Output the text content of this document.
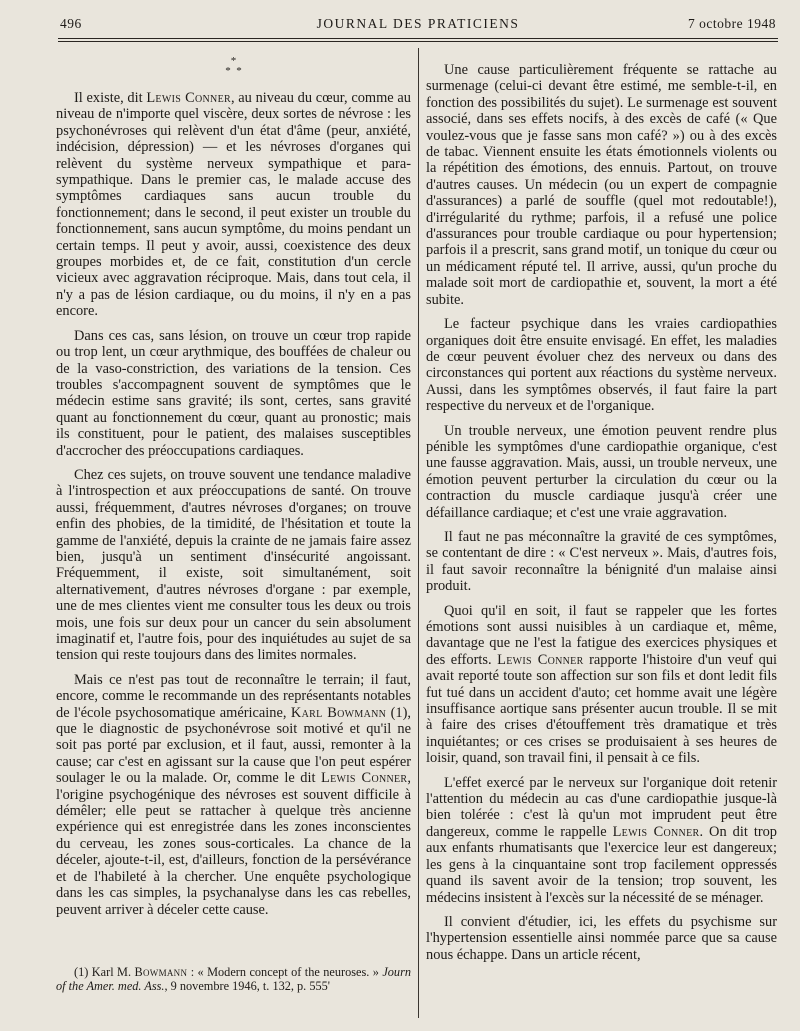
496	JOURNAL DES PRATICIENS	7 octobre 1948
*
* *

Il existe, dit Lewis Conner, au niveau du cœur, comme au niveau de n'importe quel viscère, deux sortes de névrose : les psychonévroses qui relèvent d'un état d'âme (peur, anxiété, indécision, dépression) — et les névroses d'organes qui relèvent du système nerveux sympathique et para-sympathique. Dans le premier cas, le malade accuse des symptômes cardiaques sans aucun trouble du fonctionnement; dans le second, il peut exister un trouble du fonctionnement, sans aucun symptôme, du moins pendant un certain temps. Il peut y avoir, aussi, coexistence des deux groupes morbides et, de ce fait, constitution d'un cercle vicieux avec aggravation réciproque. Mais, dans tout cela, il n'y a pas de lésion cardiaque, ou du moins, il n'y en a pas encore.

Dans ces cas, sans lésion, on trouve un cœur trop rapide ou trop lent, un cœur arythmique, des bouffées de chaleur ou de la vaso-constriction, des variations de la tension. Ces troubles s'accompagnent souvent de symptômes que le médecin estime sans gravité; ils sont, certes, sans gravité quant au fonctionnement du cœur, quant au pronostic; mais ils constituent, pour le patient, des malaises susceptibles d'accrocher des préoccupations cardiaques.

Chez ces sujets, on trouve souvent une tendance maladive à l'introspection et aux préoccupations de santé. On trouve aussi, fréquemment, d'autres névroses d'organes; on trouve enfin des phobies, de la timidité, de l'hésitation et toute la gamme de l'anxiété, depuis la crainte de ne jamais faire assez bien, jusqu'à un sentiment d'insécurité angoissant. Fréquemment, il existe, soit simultanément, soit alternativement, d'autres névroses d'organe : par exemple, une de mes clientes vient me consulter tous les deux ou trois mois, une fois sur deux pour un cancer du sein absolument imaginatif et, l'autre fois, pour des inquiétudes au sujet de sa tension qui reste toujours dans des limites normales.

Mais ce n'est pas tout de reconnaître le terrain; il faut, encore, comme le recommande un des représentants notables de l'école psychosomatique américaine, Karl Bowmann (1), que le diagnostic de psychonévrose soit motivé et qu'il ne soit pas porté par exclusion, et il faut, aussi, remonter à la cause; car c'est en agissant sur la cause que l'on peut espérer soulager le ou la malade. Or, comme le dit Lewis Conner, l'origine psychogénique des névroses est souvent difficile à démêler; elle peut se rattacher à quelque très ancienne expérience qui est enregistrée dans les zones inconscientes du cerveau, les zones sous-corticales. La chance de la déceler, ajoute-t-il, est, d'ailleurs, fonction de la persévérance et de l'habileté à la chercher. Une enquête psychologique dans les cas simples, la psychanalyse dans les cas rebelles, peuvent arriver à déceler cette cause.

(1) Karl M. Bowmann : « Modern concept of the neuroses. » Journ of the Amer. med. Ass., 9 novembre 1946, t. 132, p. 555'

Une cause particulièrement fréquente se rattache au surmenage (celui-ci devant être estimé, me semble-t-il, en fonction des possibilités du sujet). Le surmenage est souvent associé, dans ses effets nocifs, à des excès de café (« Que voulez-vous que je fasse sans mon café? ») ou à des excès de tabac. Viennent ensuite les états émotionnels violents ou la répétition des émotions, des ennuis. Partout, on trouve d'autres causes. Un médecin (ou un expert de compagnie d'assurances) a parlé de souffle (quel mot redoutable!), d'irrégularité du rythme; parfois, il a refusé une police d'assurances pour trouble cardiaque ou pour hypertension; parfois il a prescrit, sans grand motif, un tonique du cœur ou un médicament réputé tel. Il arrive, aussi, qu'un proche du malade soit mort de cardiopathie et, souvent, la mort a été subite.

Le facteur psychique dans les vraies cardiopathies organiques doit être ensuite envisagé. En effet, les maladies de cœur peuvent évoluer chez des nerveux ou dans des circonstances qui portent aux réactions du système nerveux. Aussi, dans les symptômes observés, il faut faire la part respective du nerveux et de l'organique.

Un trouble nerveux, une émotion peuvent rendre plus pénible les symptômes d'une cardiopathie organique, c'est une fausse aggravation. Mais, aussi, un trouble nerveux, une émotion peuvent perturber la circulation du cœur ou la contraction du muscle cardiaque jusqu'à créer une défaillance cardiaque; et c'est une vraie aggravation.

Il faut ne pas méconnaître la gravité de ces symptômes, se contentant de dire : « C'est nerveux ». Mais, d'autres fois, il faut savoir reconnaître la bénignité d'un malaise ainsi produit.

Quoi qu'il en soit, il faut se rappeler que les fortes émotions sont aussi nuisibles à un cardiaque et, même, davantage que ne l'est la fatigue des exercices physiques et des efforts. Lewis Conner rapporte l'histoire d'un veuf qui avait reporté toute son affection sur son fils et dont ledit fils fut tué dans un accident d'auto; cet homme avait une légère insuffisance aortique sans présenter aucun trouble. Il se mit à faire des crises d'étouffement très dramatique et très inquiétantes; or ces crises se produisaient à ses heures de loisir, quand, son travail fini, il pensait à ce fils.

L'effet exercé par le nerveux sur l'organique doit retenir l'attention du médecin au cas d'une cardiopathie jusque-là bien tolérée : c'est là qu'un mot imprudent peut être dangereux, comme le rappelle Lewis Conner. On dit trop aux enfants rhumatisants que l'exercice leur est dangereux; les gens à la cinquantaine sont trop facilement oppressés quand ils savent avoir de la tension; trop souvent, les médecins insistent à l'excès sur la nécessité de se ménager.

Il convient d'étudier, ici, les effets du psychisme sur l'hypertension essentielle ainsi nommée parce que sa cause nous échappe. Dans un article récent,
